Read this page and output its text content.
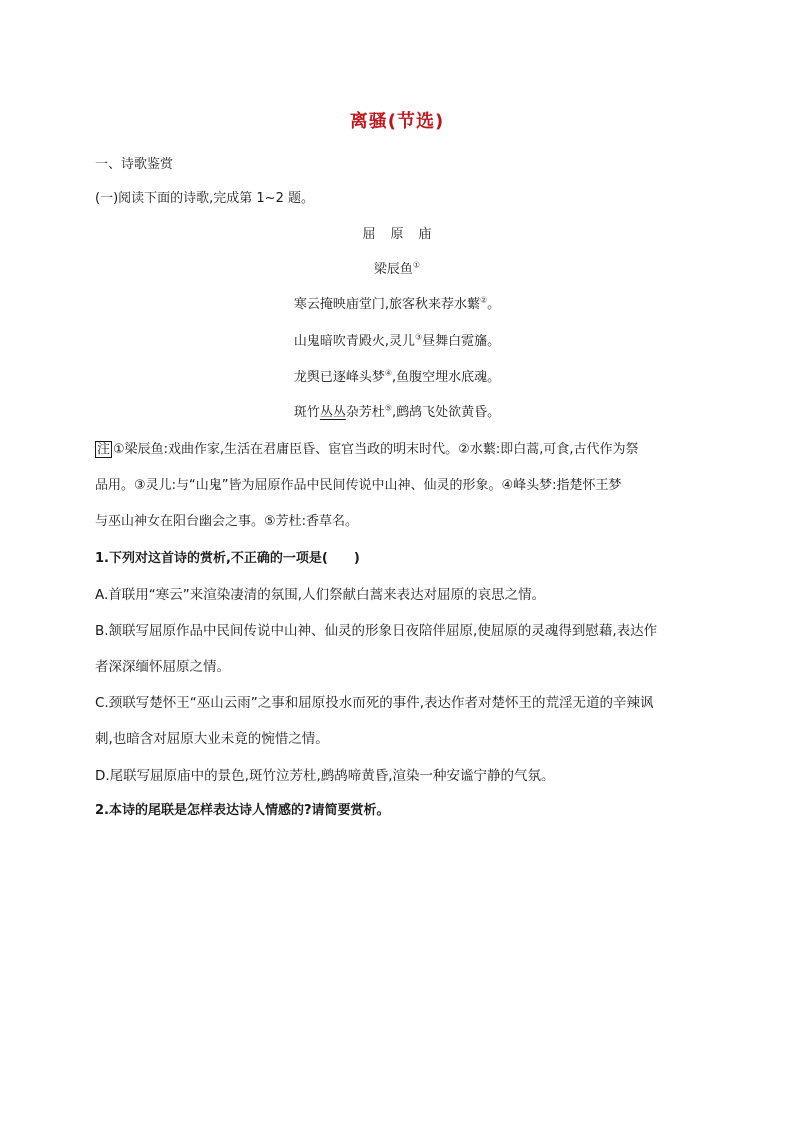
离骚(节选)
一、诗歌鉴赏
(一)阅读下面的诗歌,完成第 1~2 题。
屈原庙
梁辰鱼①
寒云掩映庙堂门,旅客秋来荐水蘩②。
山鬼暗吹青殿火,灵儿③昼舞白霓旛。
龙舆已逐峰头梦④,鱼腹空埋水底魂。
斑竹丛丛杂芳杜⑤,鹧鸪飞处欲黄昏。
注 ①梁辰鱼:戏曲作家,生活在君庸臣昏、宦官当政的明末时代。②水蘩:即白蒿,可食,古代作为祭
品用。③灵儿:与“山鬼”皆为屈原作品中民间传说中山神、仙灵的形象。④峰头梦:指楚怀王梦
与巫山神女在阳台幽会之事。⑤芳杜:香草名。
1.下列对这首诗的赏析,不正确的一项是(　　)
A.首联用“寒云”来渲染凄清的氛围,人们祭献白蒿来表达对屈原的哀思之情。
B.颔联写屈原作品中民间传说中山神、仙灵的形象日夜陪伴屈原,使屈原的灵魂得到慰藉,表达作
者深深缅怀屈原之情。
C.颈联写楚怀王“巫山云雨”之事和屈原投水而死的事件,表达作者对楚怀王的荒淫无道的辛辣讽
刺,也暗含对屈原大业未竟的惋惜之情。
D.尾联写屈原庙中的景色,斑竹泣芳杜,鹧鸪啼黄昏,渲染一种安谧宁静的气氛。
2.本诗的尾联是怎样表达诗人情感的?请简要赏析。
